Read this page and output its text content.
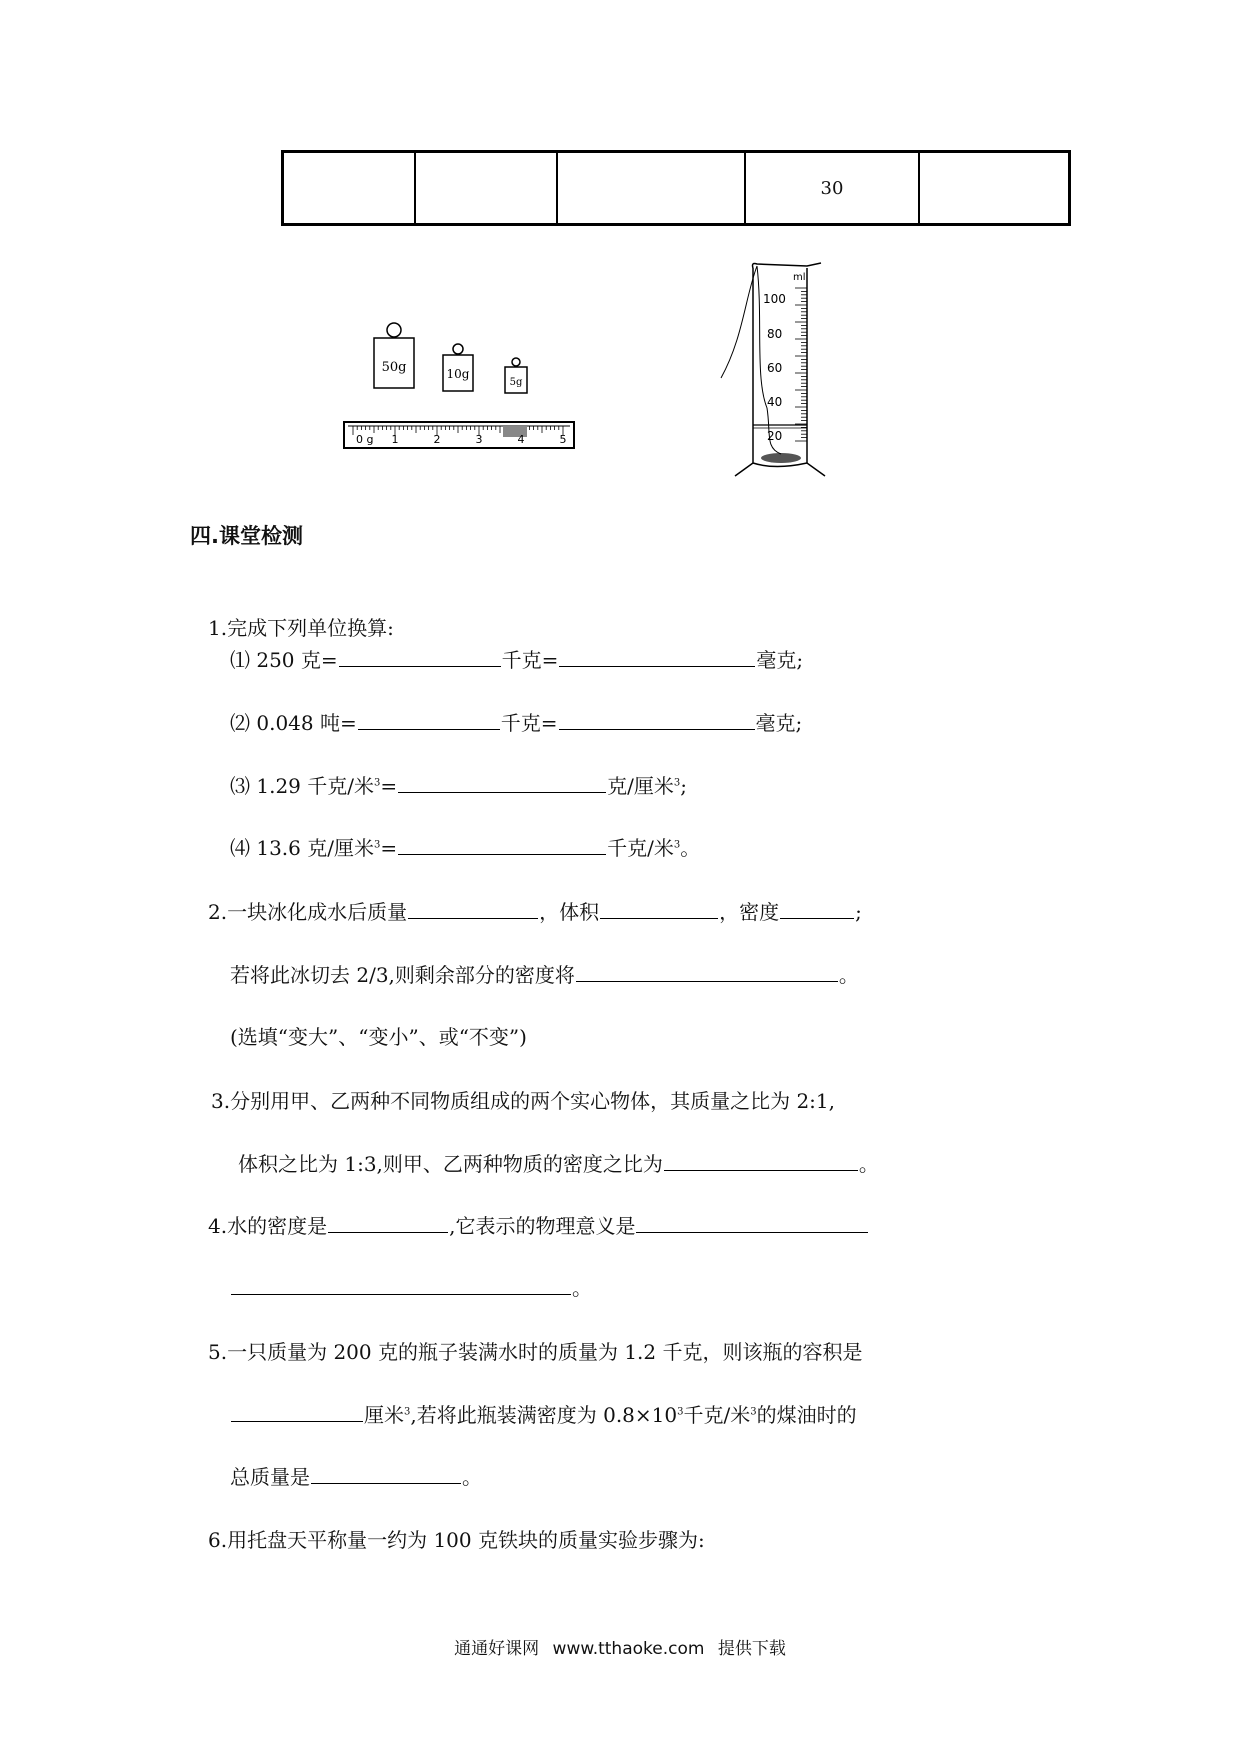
			30	
50g	10g
5g
0 g 1	2	3	4	5
ml
100
80
60
40
20
四.课堂检测
1.完成下列单位换算:
⑴ 250 克=	千克=	毫克;
⑵ 0.048 吨=	千克=	毫克;
⑶ 1.29 千克/米$^3$=	克/厘米$^3$;
⑷ 13.6 克/厘米$^3$=	千克/米$^3$。
2.一块冰化成水后质量	，体积	，密度	;
若将此冰切去 2/3,则剩余部分的密度将	。
(选填“变大”、“变小”、或“不变”)
3.分别用甲、乙两种不同物质组成的两个实心物体，其质量之比为 2:1,
体积之比为 1:3,则甲、乙两种物质的密度之比为	。
4.水的密度是	,它表示的物理意义是
。
5.一只质量为 200 克的瓶子装满水时的质量为 1.2 千克，则该瓶的容积是
厘米$^3$,若将此瓶装满密度为 $0.8\times 10^3$千克/米$^3$的煤油时的
总质量是	。
6.用托盘天平称量一约为 100 克铁块的质量实验步骤为:
通通好课网 www.tthaoke.com 提供下载
